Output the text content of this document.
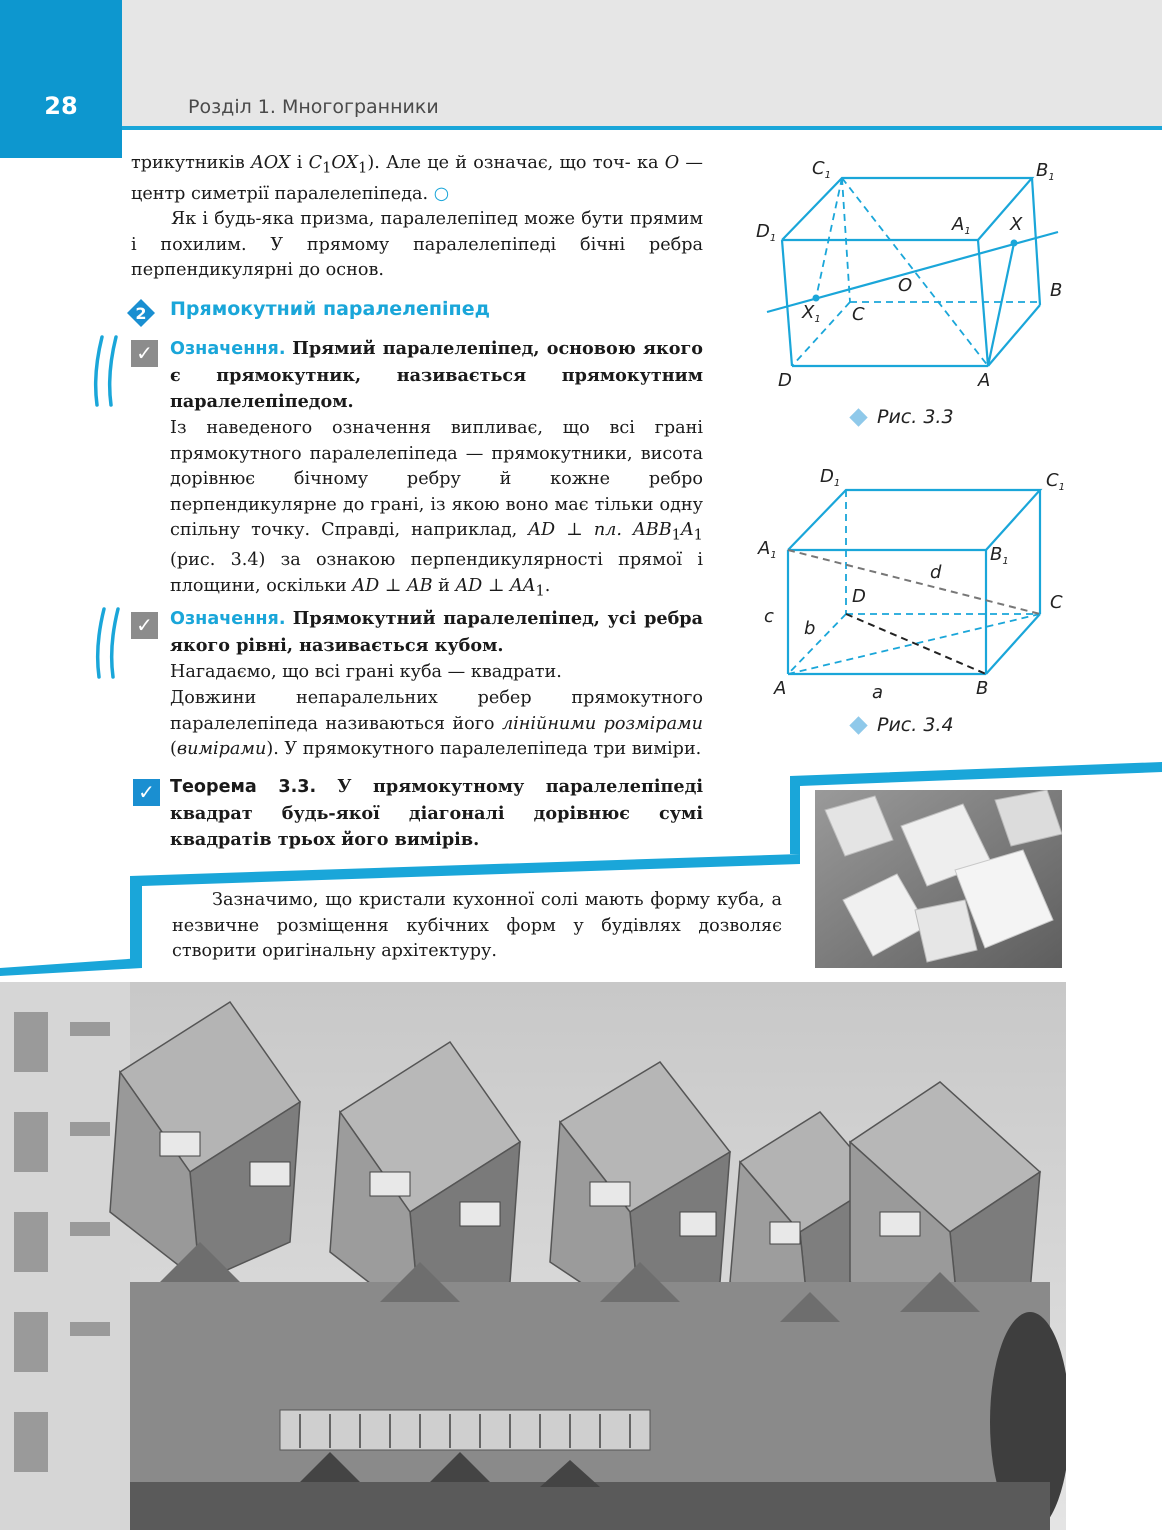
28	Розділ 1. Многогранники

трикутників AOX і $C_1OX_1$). Але це й означає, що точ- ка O — центр симетрії паралелепіпеда. ○

Як і будь-яка призма, паралелепіпед може бути прямим і похилим. У прямому паралелепіпеді бічні ребра перпендикулярні до основ.
2 Прямокутний паралелепіпед
✓ Означення. Прямий паралелепіпед, основою якого є прямокутник, називається прямокутним паралелепіпедом.
Із наведеного означення випливає, що всі грані прямокутного паралелепіпеда — прямокутники, висота дорівнює бічному ребру й кожне ребро перпендикулярне до грані, із якою воно має тільки одну спільну точку. Справді, наприклад, AD ⊥ пл. $ABB_1A_1$ (рис. 3.4) за ознакою перпендикулярності прямої і площини, оскільки AD ⊥ AB й AD ⊥ $AA_1$.
✓ Означення. Прямокутний паралелепіпед, усі ребра якого рівні, називається кубом.
Нагадаємо, що всі грані куба — квадрати.
Довжини непаралельних ребер прямокутного паралелепіпеда називаються його лінійними розмірами (вимірами). У прямокутного паралелепіпеда три виміри.
✓ Теорема 3.3. У прямокутному паралелепіпеді квадрат будь-якої діагоналі дорівнює сумі квадратів трьох його вимірів.
Зазначимо, що кристали кухонної солі мають форму куба, а незвичне розміщення кубічних форм у будівлях дозволяє створити оригінальну архітектуру.
$C_1$	$B_1$
$D_1$
$A_1$ X
O	B
$X_1$ C
D	A
Рис. 3.3
$D_1$	$C_1$
$A_1$	$B_1$
d
D	C
c
b
A	a	B
Рис. 3.4
